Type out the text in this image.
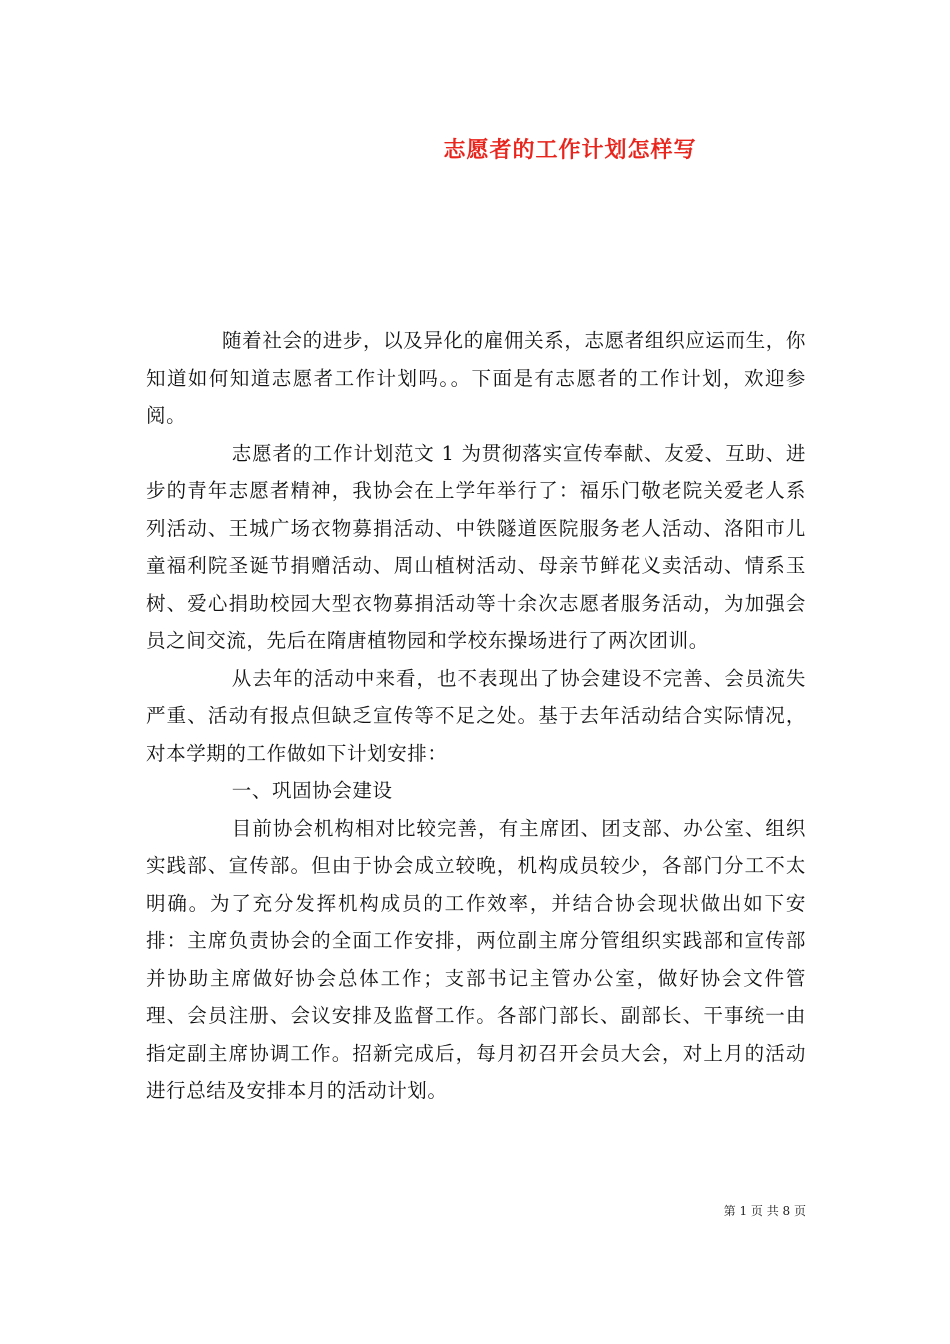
志愿者的工作计划怎样写

随着社会的进步，以及异化的雇佣关系，志愿者组织应运而生，你知道如何知道志愿者工作计划吗。。下面是有志愿者的工作计划，欢迎参阅。

志愿者的工作计划范文 1 为贯彻落实宣传奉献、友爱、互助、进步的青年志愿者精神，我协会在上学年举行了：福乐门敬老院关爱老人系列活动、王城广场衣物募捐活动、中铁隧道医院服务老人活动、洛阳市儿童福利院圣诞节捐赠活动、周山植树活动、母亲节鲜花义卖活动、情系玉树、爱心捐助校园大型衣物募捐活动等十余次志愿者服务活动，为加强会员之间交流，先后在隋唐植物园和学校东操场进行了两次团训。

从去年的活动中来看，也不表现出了协会建设不完善、会员流失严重、活动有报点但缺乏宣传等不足之处。基于去年活动结合实际情况，对本学期的工作做如下计划安排：

一、巩固协会建设

目前协会机构相对比较完善，有主席团、团支部、办公室、组织实践部、宣传部。但由于协会成立较晚，机构成员较少，各部门分工不太明确。为了充分发挥机构成员的工作效率，并结合协会现状做出如下安排：主席负责协会的全面工作安排，两位副主席分管组织实践部和宣传部并协助主席做好协会总体工作；支部书记主管办公室，做好协会文件管理、会员注册、会议安排及监督工作。各部门部长、副部长、干事统一由指定副主席协调工作。招新完成后，每月初召开会员大会，对上月的活动进行总结及安排本月的活动计划。

第 1 页 共 8 页
